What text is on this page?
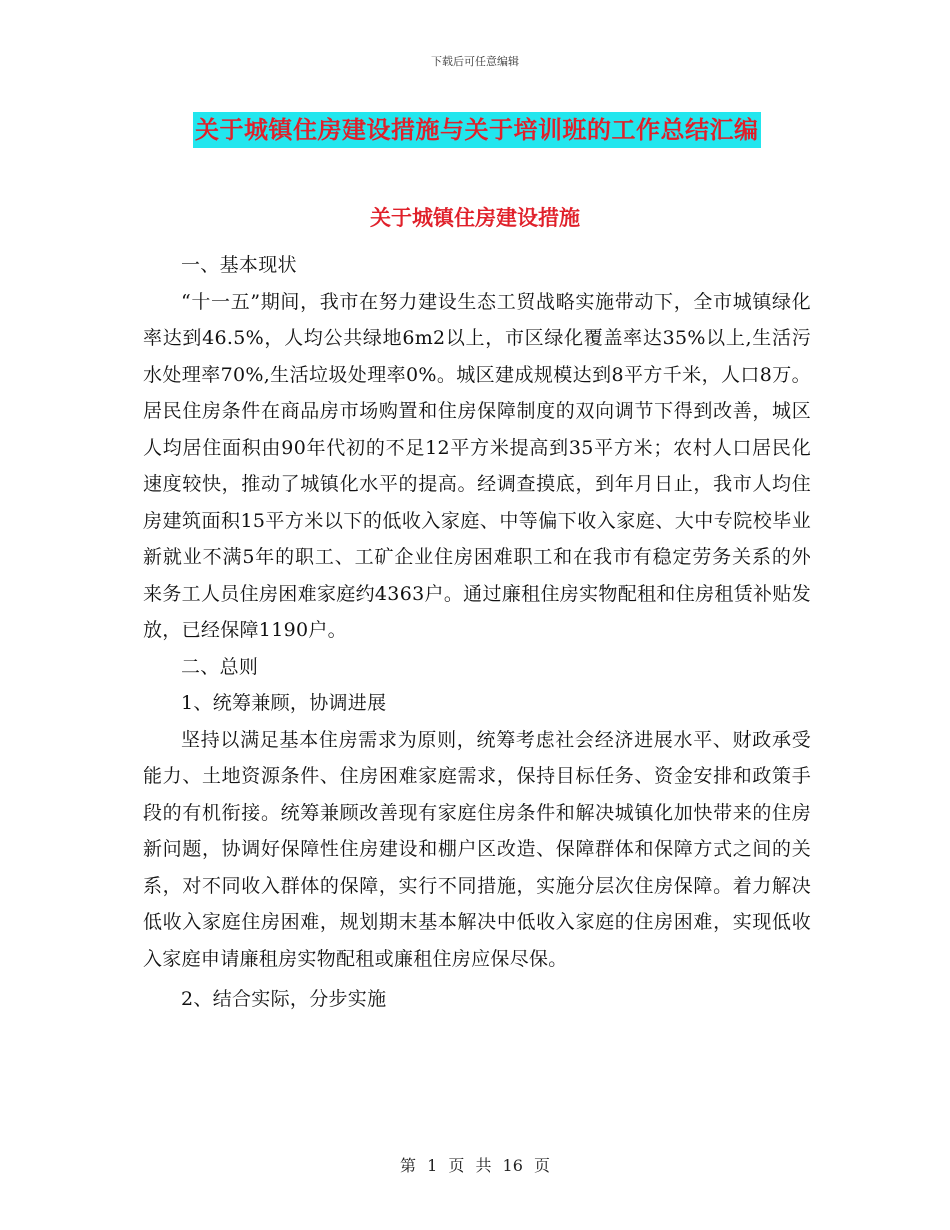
下载后可任意编辑
关于城镇住房建设措施与关于培训班的工作总结汇编
关于城镇住房建设措施

一、基本现状

“十一五”期间，我市在努力建设生态工贸战略实施带动下，全市城镇绿化率达到46.5%，人均公共绿地6m2以上，市区绿化覆盖率达35%以上,生活污水处理率70%,生活垃圾处理率0%。城区建成规模达到8平方千米，人口8万。居民住房条件在商品房市场购置和住房保障制度的双向调节下得到改善，城区人均居住面积由90年代初的不足12平方米提高到35平方米；农村人口居民化速度较快，推动了城镇化水平的提高。经调查摸底，到年月日止，我市人均住房建筑面积15平方米以下的低收入家庭、中等偏下收入家庭、大中专院校毕业新就业不满5年的职工、工矿企业住房困难职工和在我市有稳定劳务关系的外来务工人员住房困难家庭约4363户。通过廉租住房实物配租和住房租赁补贴发放，已经保障1190户。

二、总则

1、统筹兼顾，协调进展

坚持以满足基本住房需求为原则，统筹考虑社会经济进展水平、财政承受能力、土地资源条件、住房困难家庭需求，保持目标任务、资金安排和政策手段的有机衔接。统筹兼顾改善现有家庭住房条件和解决城镇化加快带来的住房新问题，协调好保障性住房建设和棚户区改造、保障群体和保障方式之间的关系，对不同收入群体的保障，实行不同措施，实施分层次住房保障。着力解决低收入家庭住房困难，规划期末基本解决中低收入家庭的住房困难，实现低收入家庭申请廉租房实物配租或廉租住房应保尽保。

2、结合实际，分步实施

第 1 页 共 16 页
